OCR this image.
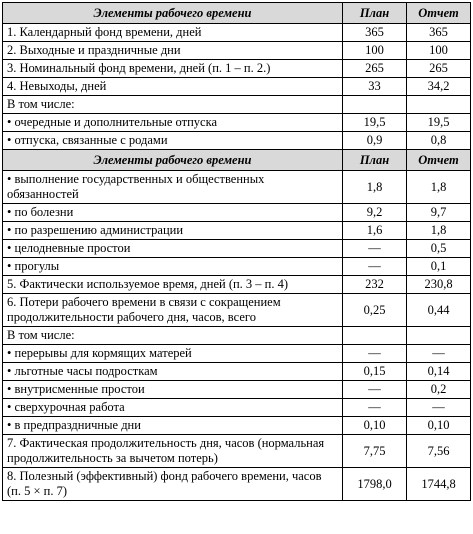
Элементы рабочего времени	План	Отчет
1. Календарный фонд времени, дней	365	365
2. Выходные и праздничные дни	100	100
3. Номинальный фонд времени, дней (п. 1 – п. 2.)	265	265
4. Невыходы, дней	33	34,2
В том числе:		
• очередные и дополнительные отпуска	19,5	19,5
• отпуска, связанные с родами	0,9	0,8
Элементы рабочего времени	План	Отчет
• выполнение государственных и общественных обязанностей	1,8	1,8
• по болезни	9,2	9,7
• по разрешению администрации	1,6	1,8
• целодневные простои	—	0,5
• прогулы	—	0,1
5. Фактически используемое время, дней (п. 3 – п. 4)	232	230,8
6. Потери рабочего времени в связи с сокращением продолжительности рабочего дня, часов, всего	0,25	0,44
В том числе:		
• перерывы для кормящих матерей	—	—
• льготные часы подросткам	0,15	0,14
• внутрисменные простои	—	0,2
• сверхурочная работа	—	—
• в предпраздничные дни	0,10	0,10
7. Фактическая продолжительность дня, часов (нормальная продолжительность за вычетом потерь)	7,75	7,56
8. Полезный (эффективный) фонд рабочего времени, часов (п. 5 × п. 7)	1798,0	1744,8
